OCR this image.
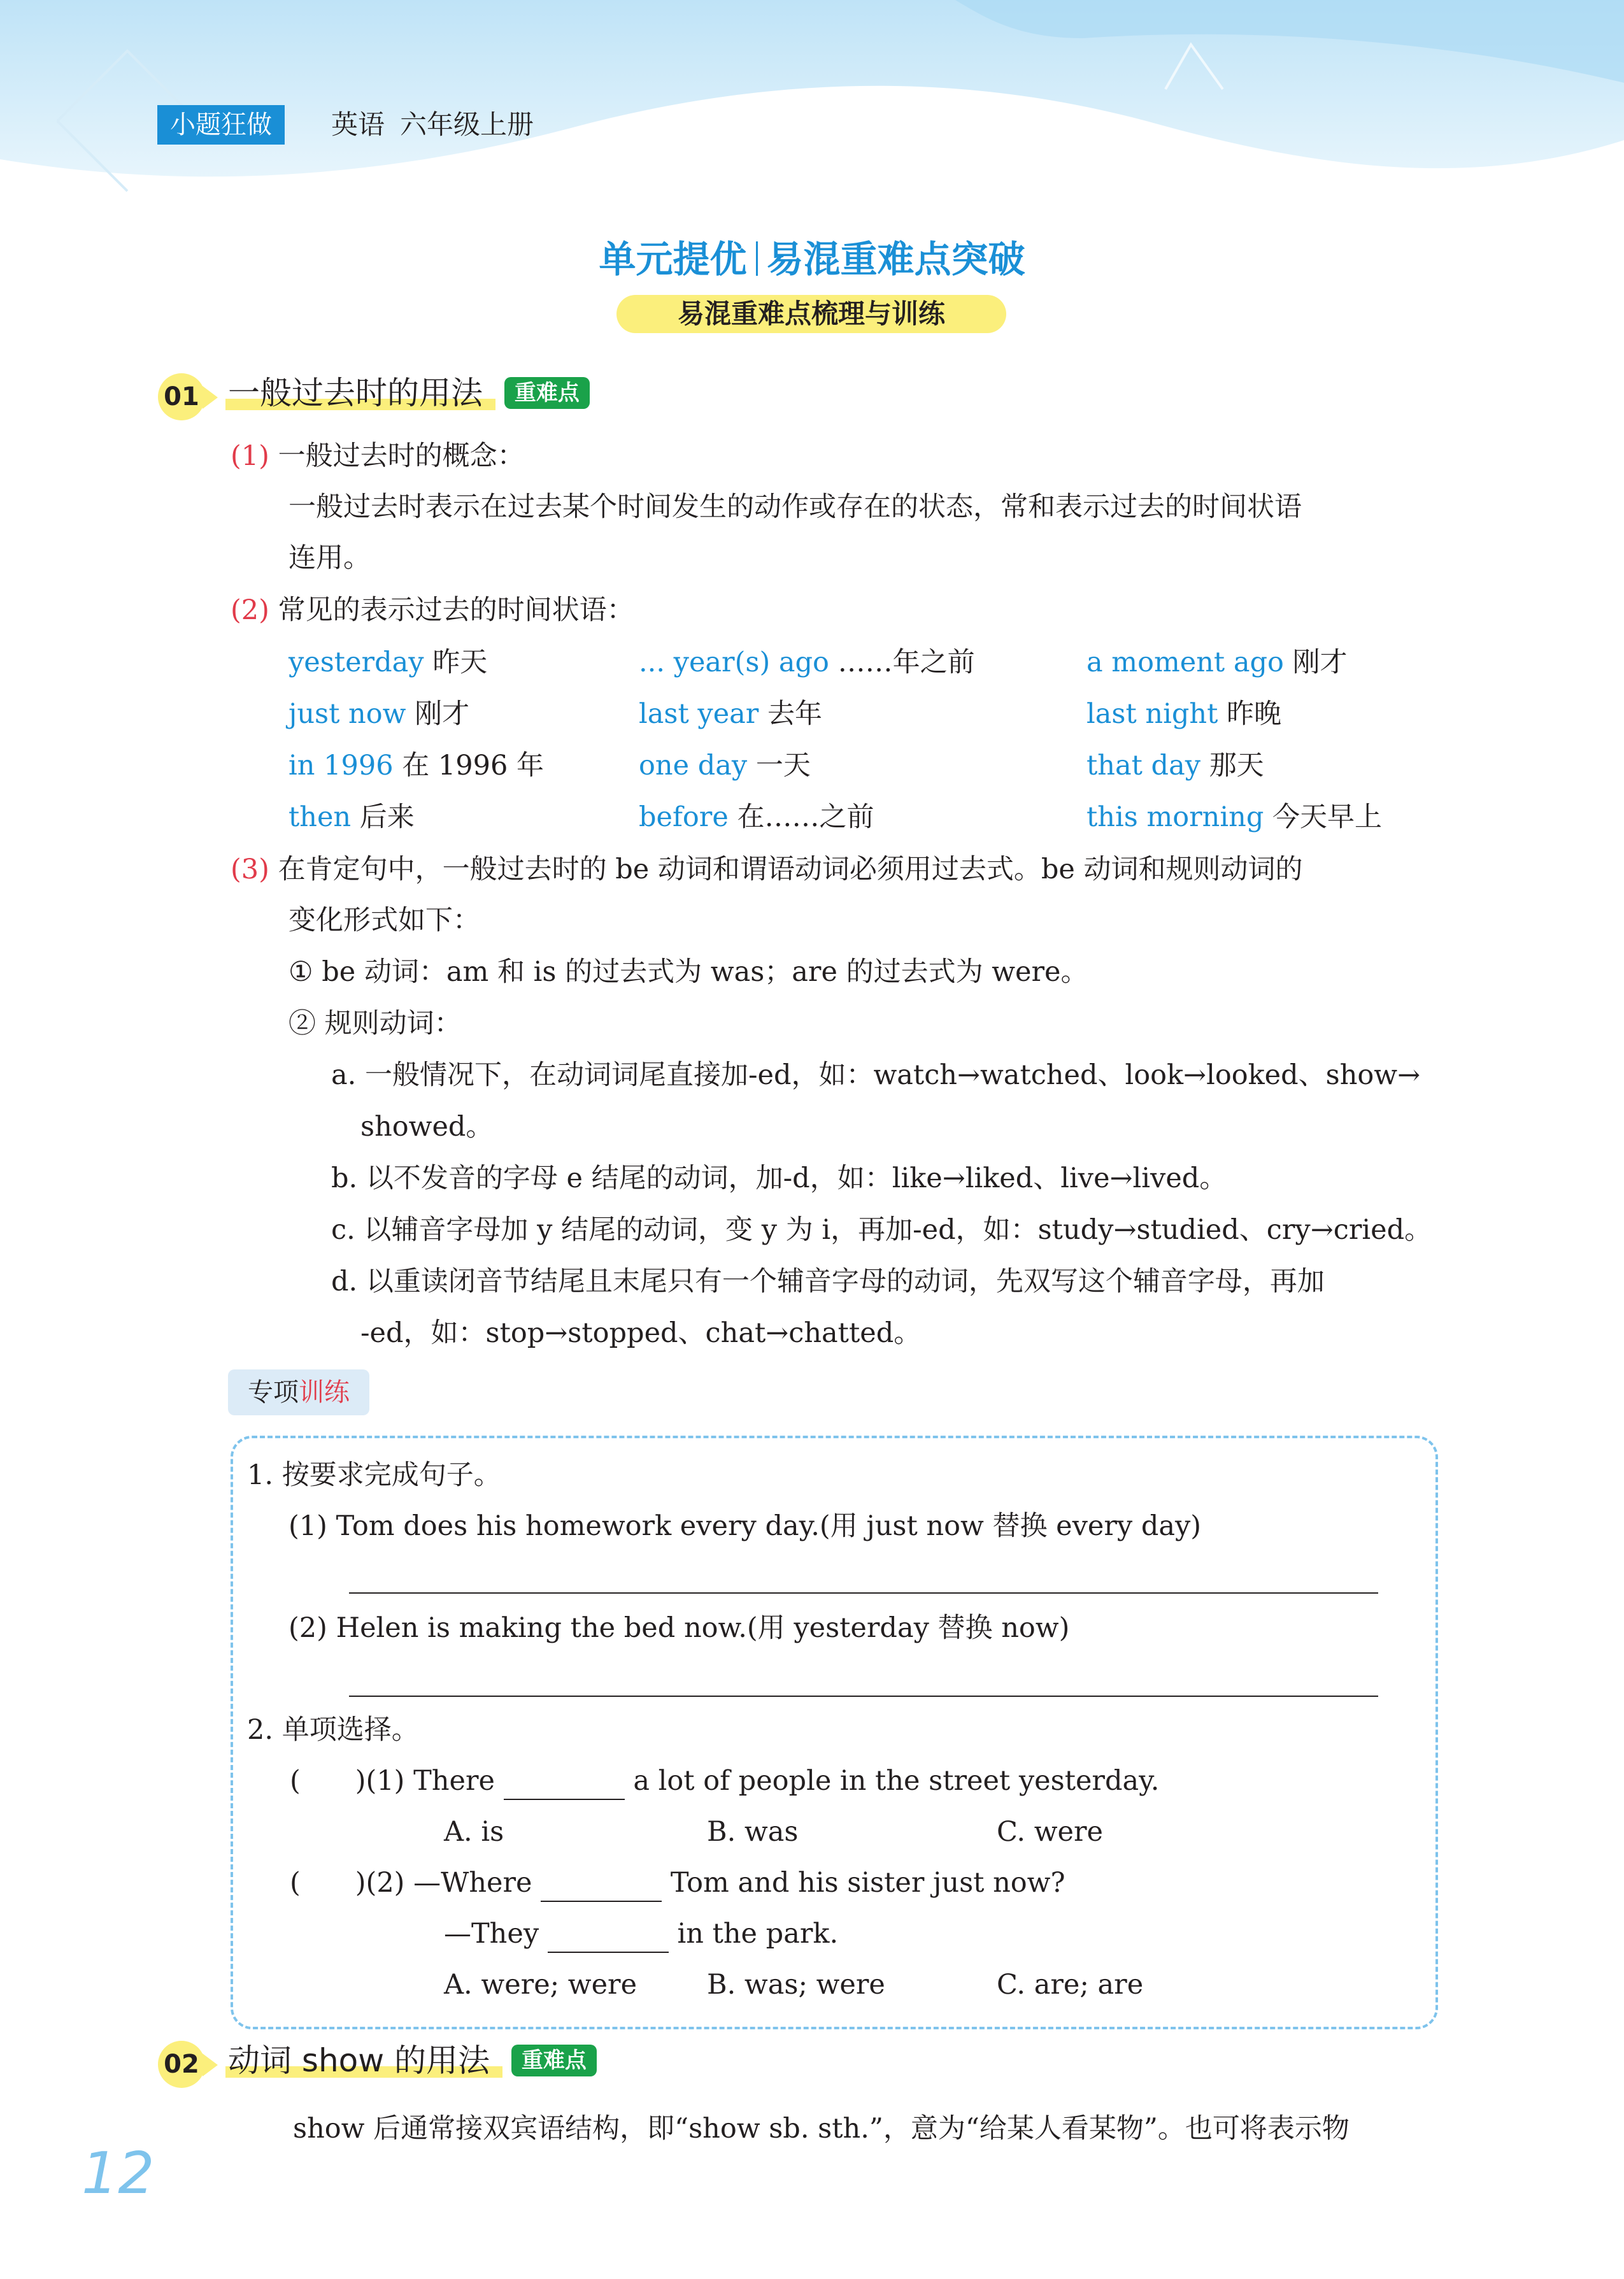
小题狂做	英语 六年级上册
单元提优 易混重难点突破
易混重难点梳理与训练
01 一般过去时的用法 重难点
(1) 一般过去时的概念：
一般过去时表示在过去某个时间发生的动作或存在的状态，常和表示过去的时间状语
连用。
(2) 常见的表示过去的时间状语：
yesterday 昨天	... year(s) ago ……年之前	a moment ago 刚才
just now 刚才	last year 去年	last night 昨晚
in 1996 在 1996 年	one day 一天	that day 那天
then 后来	before 在……之前	this morning 今天早上
(3) 在肯定句中，一般过去时的 be 动词和谓语动词必须用过去式。be 动词和规则动词的
变化形式如下：
① be 动词：am 和 is 的过去式为 was；are 的过去式为 were。
② 规则动词：
a. 一般情况下，在动词词尾直接加-ed，如：watch→watched、look→looked、show→
showed。
b. 以不发音的字母 e 结尾的动词，加-d，如：like→liked、live→lived。
c. 以辅音字母加 y 结尾的动词，变 y 为 i，再加-ed，如：study→studied、cry→cried。
d. 以重读闭音节结尾且末尾只有一个辅音字母的动词，先双写这个辅音字母，再加
-ed，如：stop→stopped、chat→chatted。
专项训练
1. 按要求完成句子。
(1) Tom does his homework every day.(用 just now 替换 every day)
(2) Helen is making the bed now.(用 yesterday 替换 now)
2. 单项选择。
(　　)(1) There	a lot of people in the street yesterday.
A. is	B. was	C. were
(　　)(2) —Where	Tom and his sister just now?
—They	in the park.
A. were; were	B. was; were	C. are; are
02 动词 show 的用法 重难点
show 后通常接双宾语结构，即“show sb. sth.”，意为“给某人看某物”。也可将表示物
12
